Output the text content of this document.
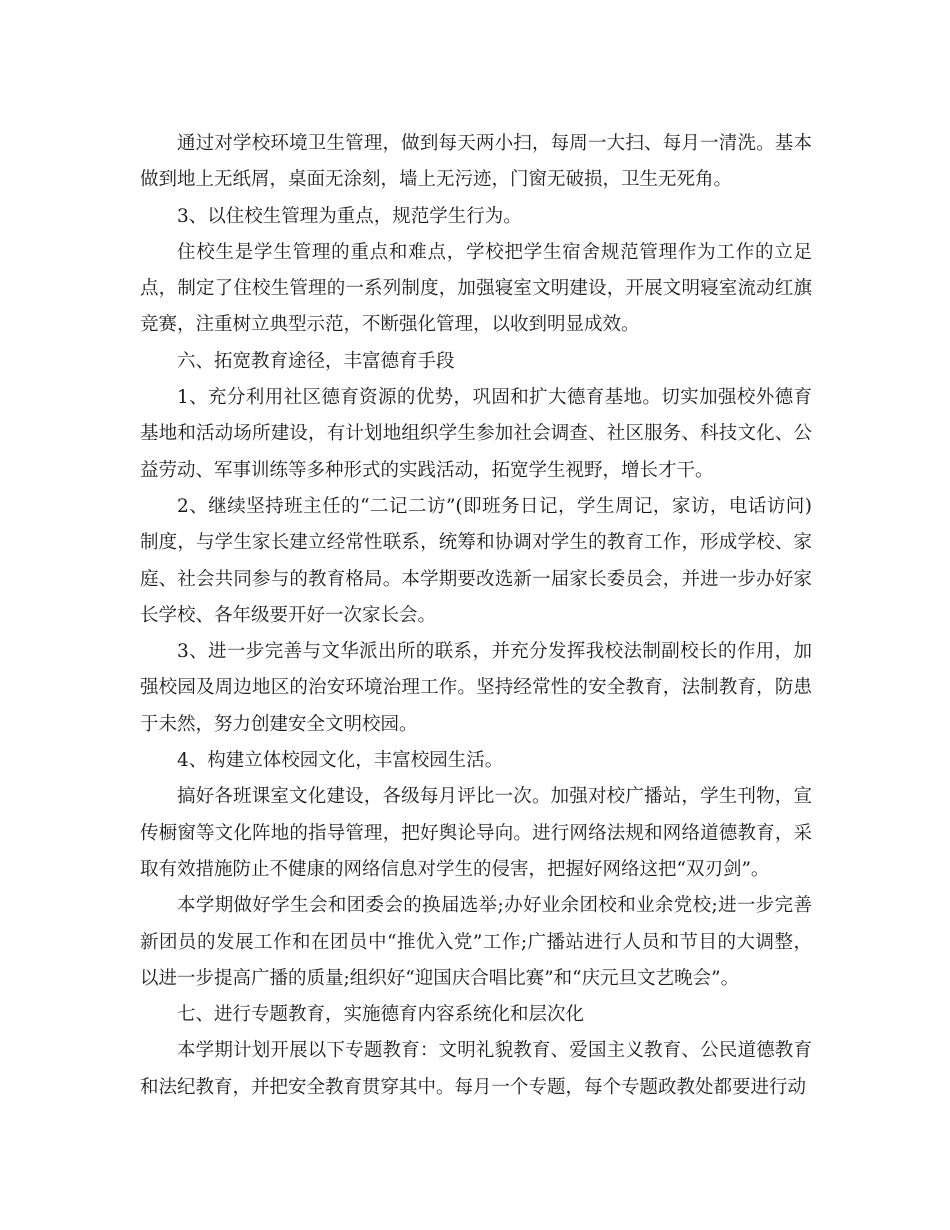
通过对学校环境卫生管理，做到每天两小扫，每周一大扫、每月一清洗。基本做到地上无纸屑，桌面无涂刻，墙上无污迹，门窗无破损，卫生无死角。

3、以住校生管理为重点，规范学生行为。

住校生是学生管理的重点和难点，学校把学生宿舍规范管理作为工作的立足点，制定了住校生管理的一系列制度，加强寝室文明建设，开展文明寝室流动红旗竞赛，注重树立典型示范，不断强化管理，以收到明显成效。

六、拓宽教育途径，丰富德育手段

1、充分利用社区德育资源的优势，巩固和扩大德育基地。切实加强校外德育基地和活动场所建设，有计划地组织学生参加社会调查、社区服务、科技文化、公益劳动、军事训练等多种形式的实践活动，拓宽学生视野，增长才干。

2、继续坚持班主任的“二记二访”(即班务日记，学生周记，家访，电话访问)制度，与学生家长建立经常性联系，统筹和协调对学生的教育工作，形成学校、家庭、社会共同参与的教育格局。本学期要改选新一届家长委员会，并进一步办好家长学校、各年级要开好一次家长会。

3、进一步完善与文华派出所的联系，并充分发挥我校法制副校长的作用，加强校园及周边地区的治安环境治理工作。坚持经常性的安全教育，法制教育，防患于未然，努力创建安全文明校园。

4、构建立体校园文化，丰富校园生活。

搞好各班课室文化建设，各级每月评比一次。加强对校广播站，学生刊物，宣传橱窗等文化阵地的指导管理，把好舆论导向。进行网络法规和网络道德教育，采取有效措施防止不健康的网络信息对学生的侵害，把握好网络这把“双刃剑”。

本学期做好学生会和团委会的换届选举;办好业余团校和业余党校;进一步完善新团员的发展工作和在团员中“推优入党”工作;广播站进行人员和节目的大调整，以进一步提高广播的质量;组织好“迎国庆合唱比赛”和“庆元旦文艺晚会”。

七、进行专题教育，实施德育内容系统化和层次化

本学期计划开展以下专题教育：文明礼貌教育、爱国主义教育、公民道德教育和法纪教育，并把安全教育贯穿其中。每月一个专题，每个专题政教处都要进行动
